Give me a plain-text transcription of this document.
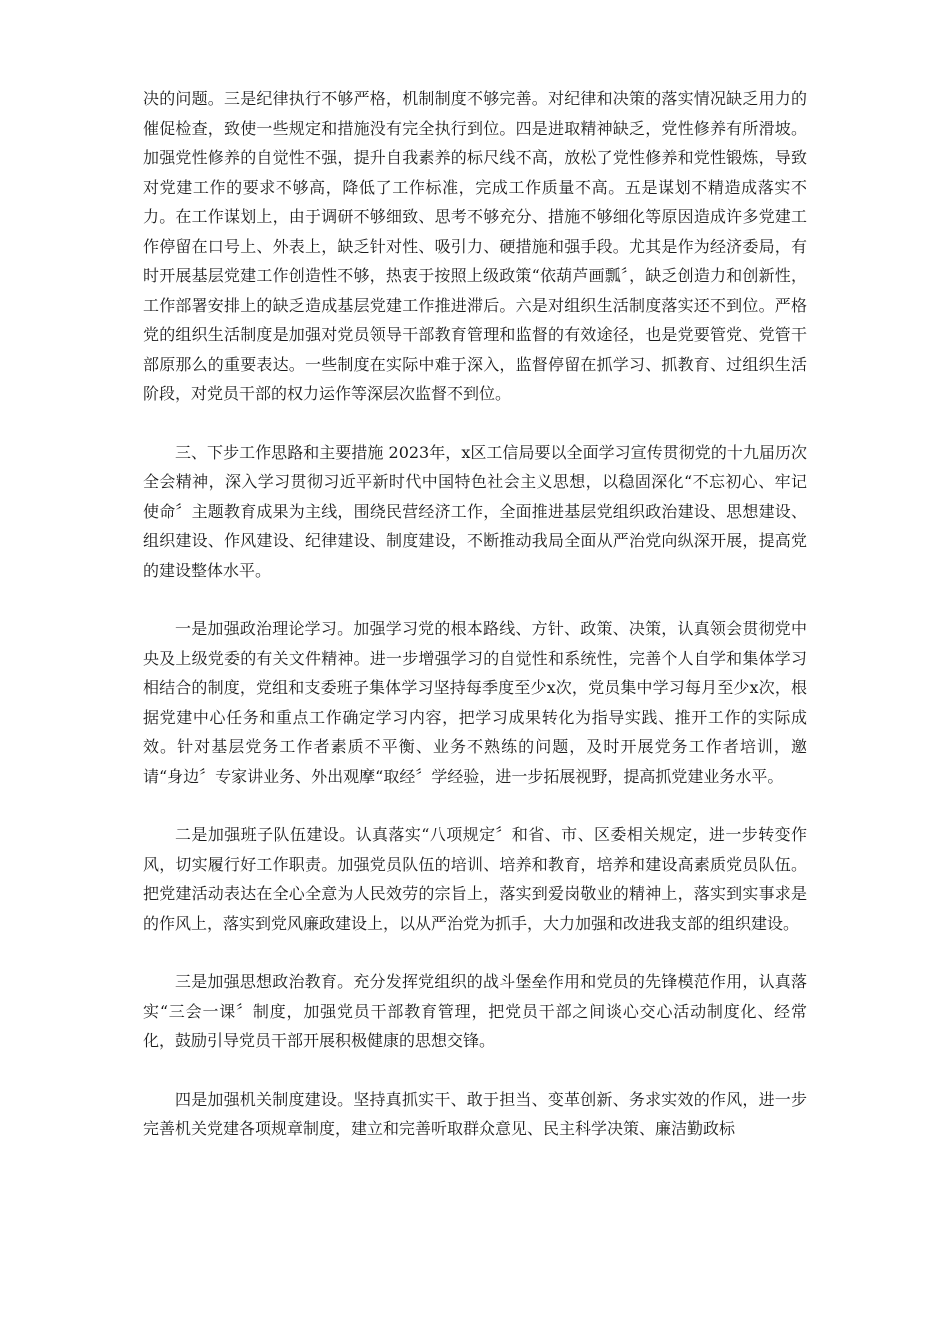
决的问题。三是纪律执行不够严格，机制制度不够完善。对纪律和决策的落实情况缺乏用力的催促检查，致使一些规定和措施没有完全执行到位。四是进取精神缺乏，党性修养有所滑坡。加强党性修养的自觉性不强，提升自我素养的标尺线不高，放松了党性修养和党性锻炼，导致对党建工作的要求不够高，降低了工作标准，完成工作质量不高。五是谋划不精造成落实不力。在工作谋划上，由于调研不够细致、思考不够充分、措施不够细化等原因造成许多党建工作停留在口号上、外表上，缺乏针对性、吸引力、硬措施和强手段。尤其是作为经济委局，有时开展基层党建工作创造性不够，热衷于按照上级政策“依葫芦画瓢〞，缺乏创造力和创新性，工作部署安排上的缺乏造成基层党建工作推进滞后。六是对组织生活制度落实还不到位。严格党的组织生活制度是加强对党员领导干部教育管理和监督的有效途径，也是党要管党、党管干部原那么的重要表达。一些制度在实际中难于深入，监督停留在抓学习、抓教育、过组织生活阶段，对党员干部的权力运作等深层次监督不到位。

三、下步工作思路和主要措施 2023年，x区工信局要以全面学习宣传贯彻党的十九届历次全会精神，深入学习贯彻习近平新时代中国特色社会主义思想，以稳固深化“不忘初心、牢记使命〞主题教育成果为主线，围绕民营经济工作，全面推进基层党组织政治建设、思想建设、组织建设、作风建设、纪律建设、制度建设，不断推动我局全面从严治党向纵深开展，提高党的建设整体水平。

一是加强政治理论学习。加强学习党的根本路线、方针、政策、决策，认真领会贯彻党中央及上级党委的有关文件精神。进一步增强学习的自觉性和系统性，完善个人自学和集体学习相结合的制度，党组和支委班子集体学习坚持每季度至少x次，党员集中学习每月至少x次，根据党建中心任务和重点工作确定学习内容，把学习成果转化为指导实践、推开工作的实际成效。针对基层党务工作者素质不平衡、业务不熟练的问题，及时开展党务工作者培训，邀请“身边〞专家讲业务、外出观摩“取经〞学经验，进一步拓展视野，提高抓党建业务水平。

二是加强班子队伍建设。认真落实“八项规定〞和省、市、区委相关规定，进一步转变作风，切实履行好工作职责。加强党员队伍的培训、培养和教育，培养和建设高素质党员队伍。把党建活动表达在全心全意为人民效劳的宗旨上，落实到爱岗敬业的精神上，落实到实事求是的作风上，落实到党风廉政建设上，以从严治党为抓手，大力加强和改进我支部的组织建设。

三是加强思想政治教育。充分发挥党组织的战斗堡垒作用和党员的先锋模范作用，认真落实“三会一课〞制度，加强党员干部教育管理，把党员干部之间谈心交心活动制度化、经常化，鼓励引导党员干部开展积极健康的思想交锋。

四是加强机关制度建设。坚持真抓实干、敢于担当、变革创新、务求实效的作风，进一步完善机关党建各项规章制度，建立和完善听取群众意见、民主科学决策、廉洁勤政标
